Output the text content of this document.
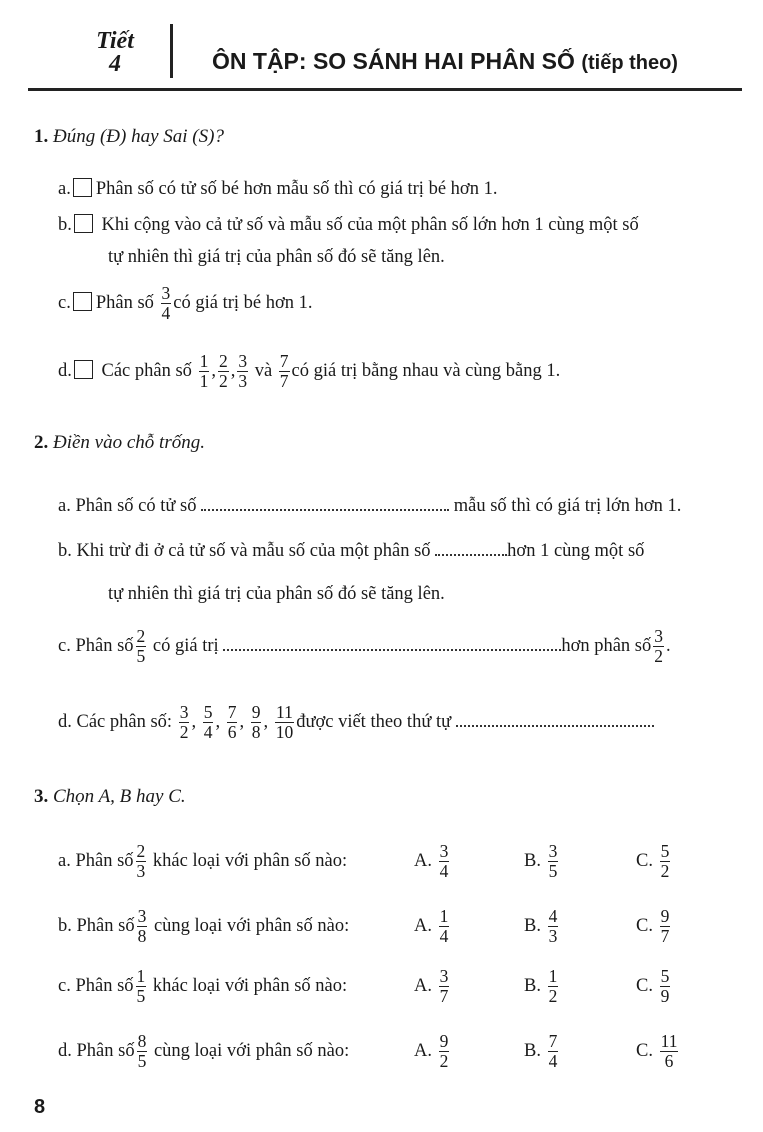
Tiết
4	ÔN TẬP: SO SÁNH HAI PHÂN SỐ (tiếp theo)
1. Đúng (Đ) hay Sai (S)?
a. Phân số có tử số bé hơn mẫu số thì có giá trị bé hơn 1.
b. Khi cộng vào cả tử số và mẫu số của một phân số lớn hơn 1 cùng một số
tự nhiên thì giá trị của phân số đó sẽ tăng lên.
c. Phân số $\frac{3}{4}$ có giá trị bé hơn 1.
d. Các phân số $\frac{1}{1}$ , $\frac{2}{2}$ , $\frac{3}{3}$ và $\frac{7}{7}$ có giá trị bằng nhau và cùng bằng 1.
2. Điền vào chỗ trống.
a. Phân số có tử số	mẫu số thì có giá trị lớn hơn 1.
b. Khi trừ đi ở cả tử số và mẫu số của một phân số	hơn 1 cùng một số
tự nhiên thì giá trị của phân số đó sẽ tăng lên.
c. Phân số $\frac{2}{5}$ có giá trị	hơn phân số $\frac{3}{2}$ .
d. Các phân số: $\frac{3}{2}$ , $\frac{5}{4}$ , $\frac{7}{6}$ , $\frac{9}{8}$ , $\frac{11}{10}$ được viết theo thứ tự
3. Chọn A, B hay C.
a. Phân số $\frac{2}{3}$ khác loại với phân số nào:	A. $\frac{3}{4}$	B. $\frac{3}{5}$	C. $\frac{5}{2}$
b. Phân số $\frac{3}{8}$ cùng loại với phân số nào:	A. $\frac{1}{4}$	B. $\frac{4}{3}$	C. $\frac{9}{7}$
c. Phân số $\frac{1}{5}$ khác loại với phân số nào:	A. $\frac{3}{7}$	B. $\frac{1}{2}$	C. $\frac{5}{9}$
d. Phân số $\frac{8}{5}$ cùng loại với phân số nào:	A. $\frac{9}{2}$	B. $\frac{7}{4}$	C. $\frac{11}{6}$
8
